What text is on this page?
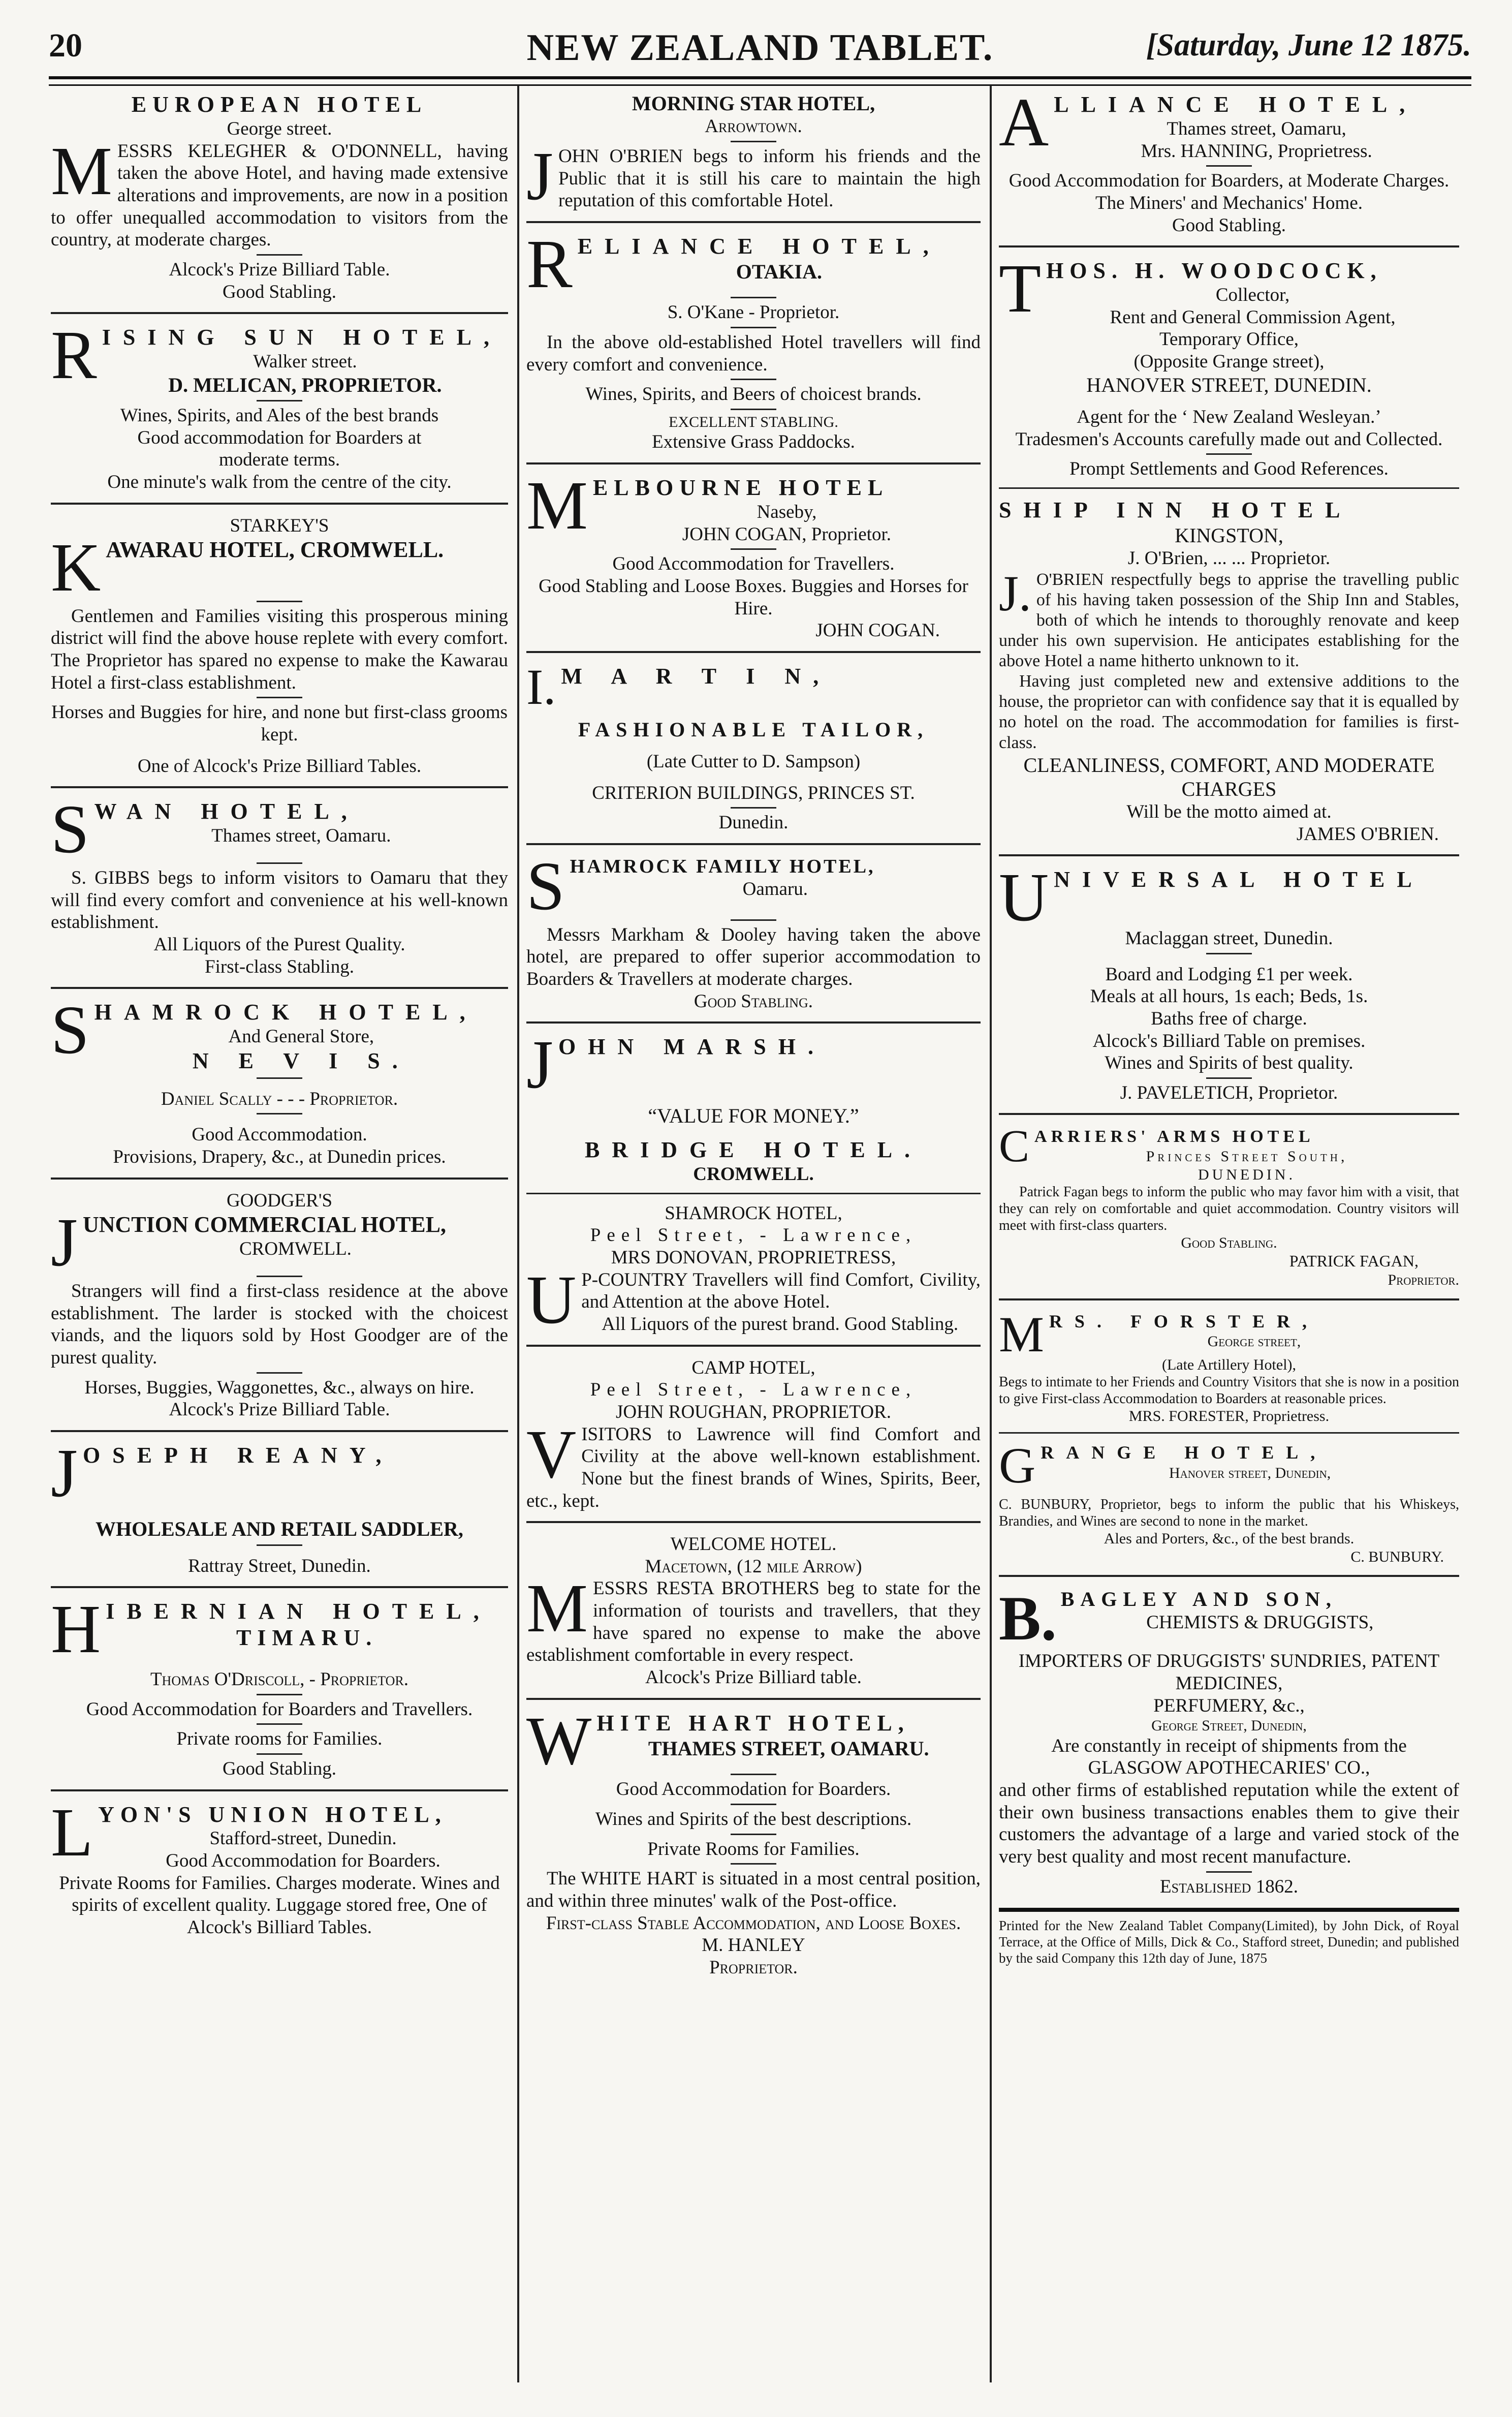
20	NEW ZEALAND TABLET.	[Saturday, June 12 1875.
EUROPEAN HOTEL
George street.

MESSRS KELEGHER & O'DONNELL, having taken the above Hotel, and having made extensive alterations and improvements, are now in a position to offer unequalled accommodation to visitors from the country, at moderate charges.

Alcock's Prize Billiard Table.
Good Stabling.
RISING SUN HOTEL,
Walker street.
D. MELICAN, PROPRIETOR.
Wines, Spirits, and Ales of the best brands
Good accommodation for Boarders at
moderate terms.
One minute's walk from the centre of the city.
STARKEY'S
KAWARAU HOTEL, CROMWELL.

Gentlemen and Families visiting this prosperous mining district will find the above house replete with every comfort. The Proprietor has spared no expense to make the Kawarau Hotel a first-class establishment.

Horses and Buggies for hire, and none but first-class grooms kept.
One of Alcock's Prize Billiard Tables.
SWAN HOTEL,
Thames street, Oamaru.

S. GIBBS begs to inform visitors to Oamaru that they will find every comfort and convenience at his well-known establishment.

All Liquors of the Purest Quality.
First-class Stabling.
SHAMROCK HOTEL,
And General Store,
N E V I S.
Daniel Scally - - - Proprietor.
Good Accommodation.
Provisions, Drapery, &c., at Dunedin prices.
GOODGER'S
JUNCTION COMMERCIAL HOTEL,
CROMWELL.

Strangers will find a first-class residence at the above establishment. The larder is stocked with the choicest viands, and the liquors sold by Host Goodger are of the purest quality.

Horses, Buggies, Waggonettes, &c., always on hire.
Alcock's Prize Billiard Table.
JOSEPH REANY,
WHOLESALE AND RETAIL SADDLER,
Rattray Street, Dunedin.
HIBERNIAN HOTEL,
TIMARU.
Thomas O'Driscoll, - Proprietor.
Good Accommodation for Boarders and Travellers.
Private rooms for Families.
Good Stabling.
LYON'S UNION HOTEL,
Stafford-street, Dunedin.
Good Accommodation for Boarders.
Private Rooms for Families. Charges moderate. Wines and spirits of excellent quality. Luggage stored free, One of Alcock's Billiard Tables.
MORNING STAR HOTEL,
Arrowtown.

JOHN O'BRIEN begs to inform his friends and the Public that it is still his care to maintain the high reputation of this comfortable Hotel.

RELIANCE HOTEL,
OTAKIA.
S. O'Kane - Proprietor.

In the above old-established Hotel travellers will find every comfort and convenience.

Wines, Spirits, and Beers of choicest brands.
EXCELLENT STABLING.
Extensive Grass Paddocks.
MELBOURNE HOTEL
Naseby,
JOHN COGAN, Proprietor.
Good Accommodation for Travellers.
Good Stabling and Loose Boxes. Buggies and Horses for Hire.
JOHN COGAN.
I. M A R T I N,
FASHIONABLE TAILOR,
(Late Cutter to D. Sampson)
CRITERION BUILDINGS, PRINCES ST.
Dunedin.
SHAMROCK FAMILY HOTEL,
Oamaru.

Messrs Markham & Dooley having taken the above hotel, are prepared to offer superior accommodation to Boarders & Travellers at moderate charges.

Good Stabling.
JOHN MARSH.
“VALUE FOR MONEY.”
BRIDGE HOTEL.
CROMWELL.
SHAMROCK HOTEL,
Peel Street, - Lawrence,
MRS DONOVAN, PROPRIETRESS,

U P-COUNTRY Travellers will find Comfort, Civility, and Attention at the above Hotel.

All Liquors of the purest brand. Good Stabling.

CAMP HOTEL,
Peel Street, - Lawrence,
JOHN ROUGHAN, PROPRIETOR.

VISITORS to Lawrence will find Comfort and Civility at the above well-known establishment. None but the finest brands of Wines, Spirits, Beer, etc., kept.

WELCOME HOTEL.
Macetown, (12 mile Arrow)

MESSRS RESTA BROTHERS beg to state for the information of tourists and travellers, that they have spared no expense to make the above establishment comfortable in every respect.

Alcock's Prize Billiard table.
WHITE HART HOTEL,
THAMES STREET, OAMARU.
Good Accommodation for Boarders.
Wines and Spirits of the best descriptions.
Private Rooms for Families.

The WHITE HART is situated in a most central position, and within three minutes' walk of the Post-office.

First-class Stable Accommodation, and Loose Boxes.
M. HANLEY
Proprietor.
ALLIANCE HOTEL,
Thames street, Oamaru,
Mrs. HANNING, Proprietress.
Good Accommodation for Boarders, at Moderate Charges.
The Miners' and Mechanics' Home.
Good Stabling.
THOS. H. WOODCOCK,
Collector,
Rent and General Commission Agent,
Temporary Office,
(Opposite Grange street),
HANOVER STREET, DUNEDIN.
Agent for the ‘ New Zealand Wesleyan.’
Tradesmen's Accounts carefully made out and Collected.
Prompt Settlements and Good References.
SHIP INN HOTEL
KINGSTON,
J. O'Brien, ... ... Proprietor.

J. O'BRIEN respectfully begs to apprise the travelling public of his having taken possession of the Ship Inn and Stables, both of which he intends to thoroughly renovate and keep under his own supervision. He anticipates establishing for the above Hotel a name hitherto unknown to it.

Having just completed new and extensive additions to the house, the proprietor can with confidence say that it is equalled by no hotel on the road. The accommodation for families is first-class.

CLEANLINESS, COMFORT, AND MODERATE CHARGES
Will be the motto aimed at.
JAMES O'BRIEN.
UNIVERSAL HOTEL
Maclaggan street, Dunedin.
Board and Lodging £1 per week.
Meals at all hours, 1s each; Beds, 1s.
Baths free of charge.
Alcock's Billiard Table on premises.
Wines and Spirits of best quality.
J. PAVELETICH, Proprietor.
CARRIERS' ARMS HOTEL
Princes Street South,
DUNEDIN.

Patrick Fagan begs to inform the public who may favor him with a visit, that they can rely on comfortable and quiet accommodation. Country visitors will meet with first-class quarters.

Good Stabling.
PATRICK FAGAN,
Proprietor.
MRS. FORSTER,
George street,
(Late Artillery Hotel),

Begs to intimate to her Friends and Country Visitors that she is now in a position to give First-class Accommodation to Boarders at reasonable prices.

MRS. FORESTER, Proprietress.
GRANGE HOTEL,
Hanover street, Dunedin,

C. BUNBURY, Proprietor, begs to inform the public that his Whiskeys, Brandies, and Wines are second to none in the market.

Ales and Porters, &c., of the best brands.
C. BUNBURY.
B. BAGLEY AND SON,
CHEMISTS & DRUGGISTS,
IMPORTERS OF DRUGGISTS' SUNDRIES, PATENT MEDICINES,
PERFUMERY, &c.,
George Street, Dunedin,
Are constantly in receipt of shipments from the
GLASGOW APOTHECARIES' CO.,

and other firms of established reputation while the extent of their own business transactions enables them to give their customers the advantage of a large and varied stock of the very best quality and most recent manufacture.

Established 1862.

Printed for the New Zealand Tablet Company(Limited), by John Dick, of Royal Terrace, at the Office of Mills, Dick & Co., Stafford street, Dunedin; and published by the said Company this 12th day of June, 1875
